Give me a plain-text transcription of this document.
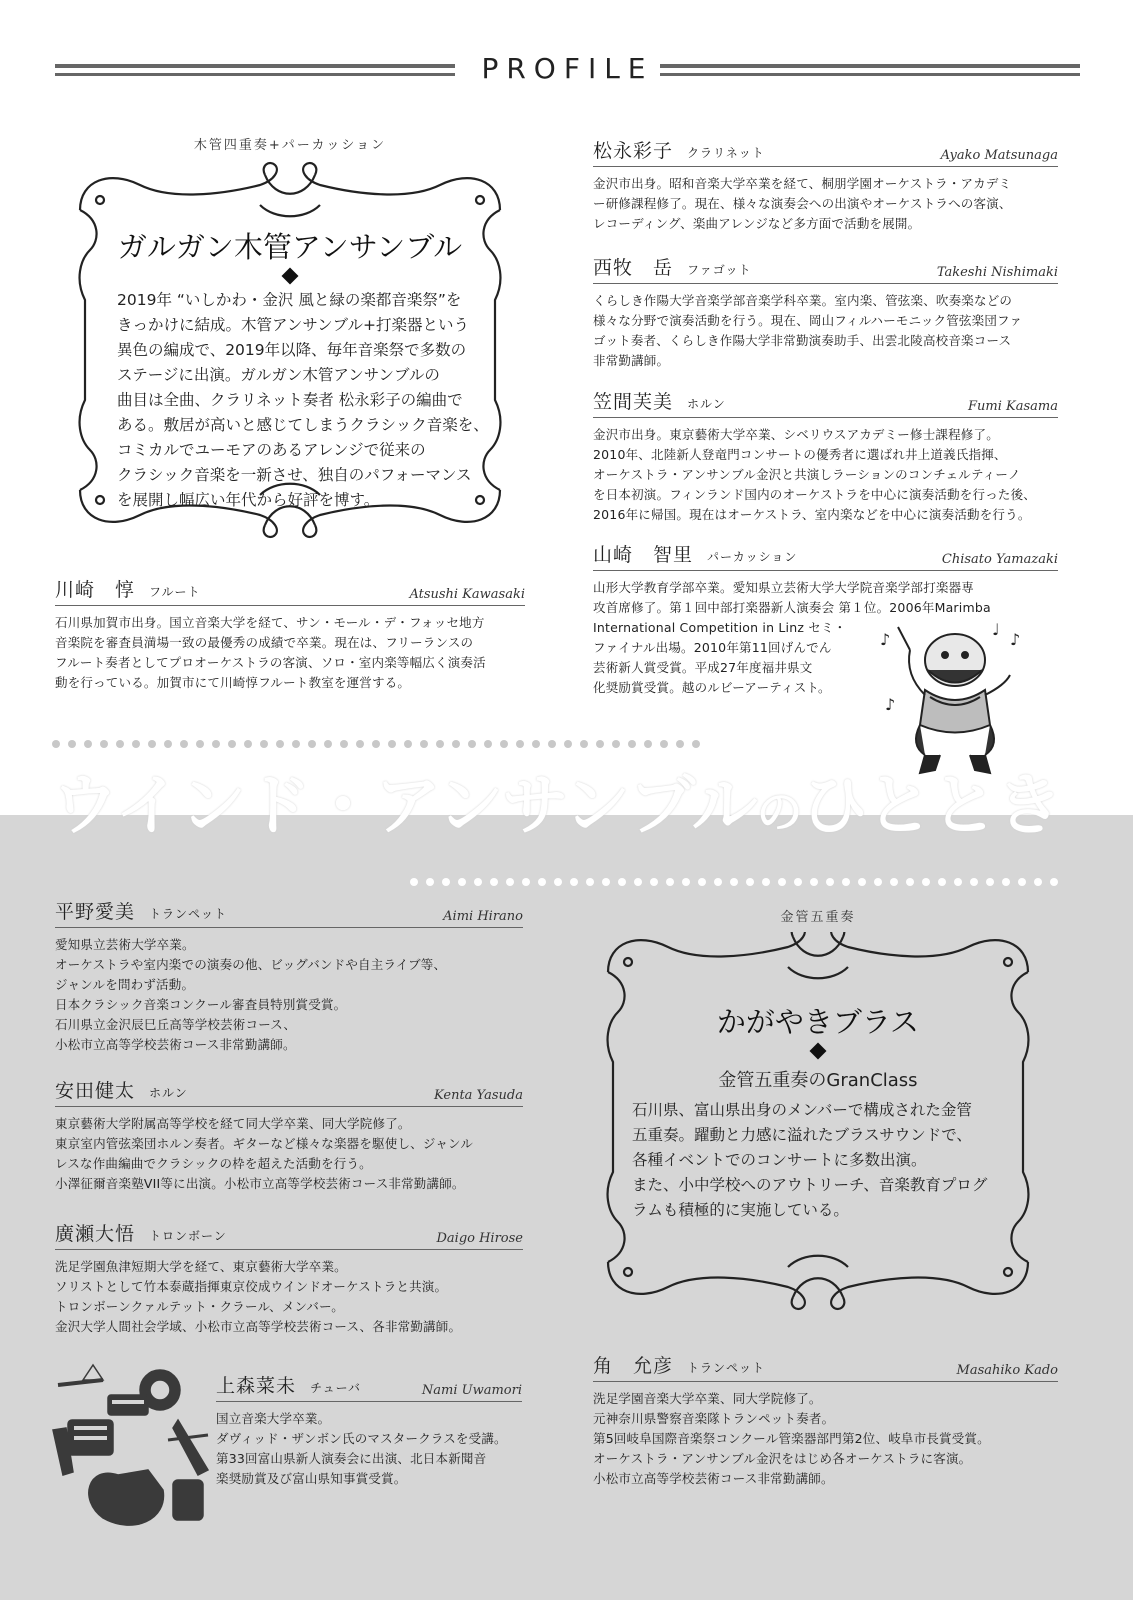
PROFILE
木管四重奏+パーカッション
ガルガン木管アンサンブル
2019年 “いしかわ・金沢 風と緑の楽都音楽祭”を
きっかけに結成。木管アンサンブル+打楽器という
異色の編成で、2019年以降、毎年音楽祭で多数の
ステージに出演。ガルガン木管アンサンブルの
曲目は全曲、クラリネット奏者 松永彩子の編曲で
ある。敷居が高いと感じてしまうクラシック音楽を、
コミカルでユーモアのあるアレンジで従来の
クラシック音楽を一新させ、独自のパフォーマンス
を展開し幅広い年代から好評を博す。
川崎　惇 フルート	Atsushi Kawasaki
石川県加賀市出身。国立音楽大学を経て、サン・モール・デ・フォッセ地方
音楽院を審査員満場一致の最優秀の成績で卒業。現在は、フリーランスの
フルート奏者としてプロオーケストラの客演、ソロ・室内楽等幅広く演奏活
動を行っている。加賀市にて川崎惇フルート教室を運営する。
松永彩子 クラリネット	Ayako Matsunaga
金沢市出身。昭和音楽大学卒業を経て、桐朋学園オーケストラ・アカデミ
ー研修課程修了。現在、様々な演奏会への出演やオーケストラへの客演、
レコーディング、楽曲アレンジなど多方面で活動を展開。
西牧　岳 ファゴット	Takeshi Nishimaki
くらしき作陽大学音楽学部音楽学科卒業。室内楽、管弦楽、吹奏楽などの
様々な分野で演奏活動を行う。現在、岡山フィルハーモニック管弦楽団ファ
ゴット奏者、くらしき作陽大学非常勤演奏助手、出雲北陵高校音楽コース
非常勤講師。
笠間芙美 ホルン	Fumi Kasama
金沢市出身。東京藝術大学卒業、シベリウスアカデミー修士課程修了。
2010年、北陸新人登竜門コンサートの優秀者に選ばれ井上道義氏指揮、
オーケストラ・アンサンブル金沢と共演しラーションのコンチェルティーノ
を日本初演。フィンランド国内のオーケストラを中心に演奏活動を行った後、
2016年に帰国。現在はオーケストラ、室内楽などを中心に演奏活動を行う。
山崎　智里 パーカッション	Chisato Yamazaki
山形大学教育学部卒業。愛知県立芸術大学大学院音楽学部打楽器専
攻首席修了。第１回中部打楽器新人演奏会 第１位。2006年Marimba
International Competition in Linz セミ・
ファイナル出場。2010年第11回げんでん
芸術新人賞受賞。平成27年度福井県文
化奨励賞受賞。越のルビーアーティスト。
♪	♪
♩
♪
ウインド・アンサンブルのひととき
平野愛美 トランペット	Aimi Hirano
愛知県立芸術大学卒業。
オーケストラや室内楽での演奏の他、ビッグバンドや自主ライブ等、
ジャンルを問わず活動。
日本クラシック音楽コンクール審査員特別賞受賞。
石川県立金沢辰巳丘高等学校芸術コース、
小松市立高等学校芸術コース非常勤講師。
安田健太 ホルン	Kenta Yasuda
東京藝術大学附属高等学校を経て同大学卒業、同大学院修了。
東京室内管弦楽団ホルン奏者。ギターなど様々な楽器を駆使し、ジャンル
レスな作曲編曲でクラシックの枠を超えた活動を行う。
小澤征爾音楽塾VII等に出演。小松市立高等学校芸術コース非常勤講師。
廣瀬大悟 トロンボーン	Daigo Hirose
洗足学園魚津短期大学を経て、東京藝術大学卒業。
ソリストとして竹本泰蔵指揮東京佼成ウインドオーケストラと共演。
トロンボーンクァルテット・クラール、メンバー。
金沢大学人間社会学域、小松市立高等学校芸術コース、各非常勤講師。
上森菜未 チューバ	Nami Uwamori
国立音楽大学卒業。
ダヴィッド・ザンボン氏のマスタークラスを受講。
第33回富山県新人演奏会に出演、北日本新聞音
楽奨励賞及び富山県知事賞受賞。
金管五重奏
かがやきブラス
金管五重奏のGranClass
石川県、富山県出身のメンバーで構成された金管
五重奏。躍動と力感に溢れたブラスサウンドで、
各種イベントでのコンサートに多数出演。
また、小中学校へのアウトリーチ、音楽教育プログ
ラムも積極的に実施している。
角　允彦 トランペット	Masahiko Kado
洗足学園音楽大学卒業、同大学院修了。
元神奈川県警察音楽隊トランペット奏者。
第5回岐阜国際音楽祭コンクール管楽器部門第2位、岐阜市長賞受賞。
オーケストラ・アンサンブル金沢をはじめ各オーケストラに客演。
小松市立高等学校芸術コース非常勤講師。
